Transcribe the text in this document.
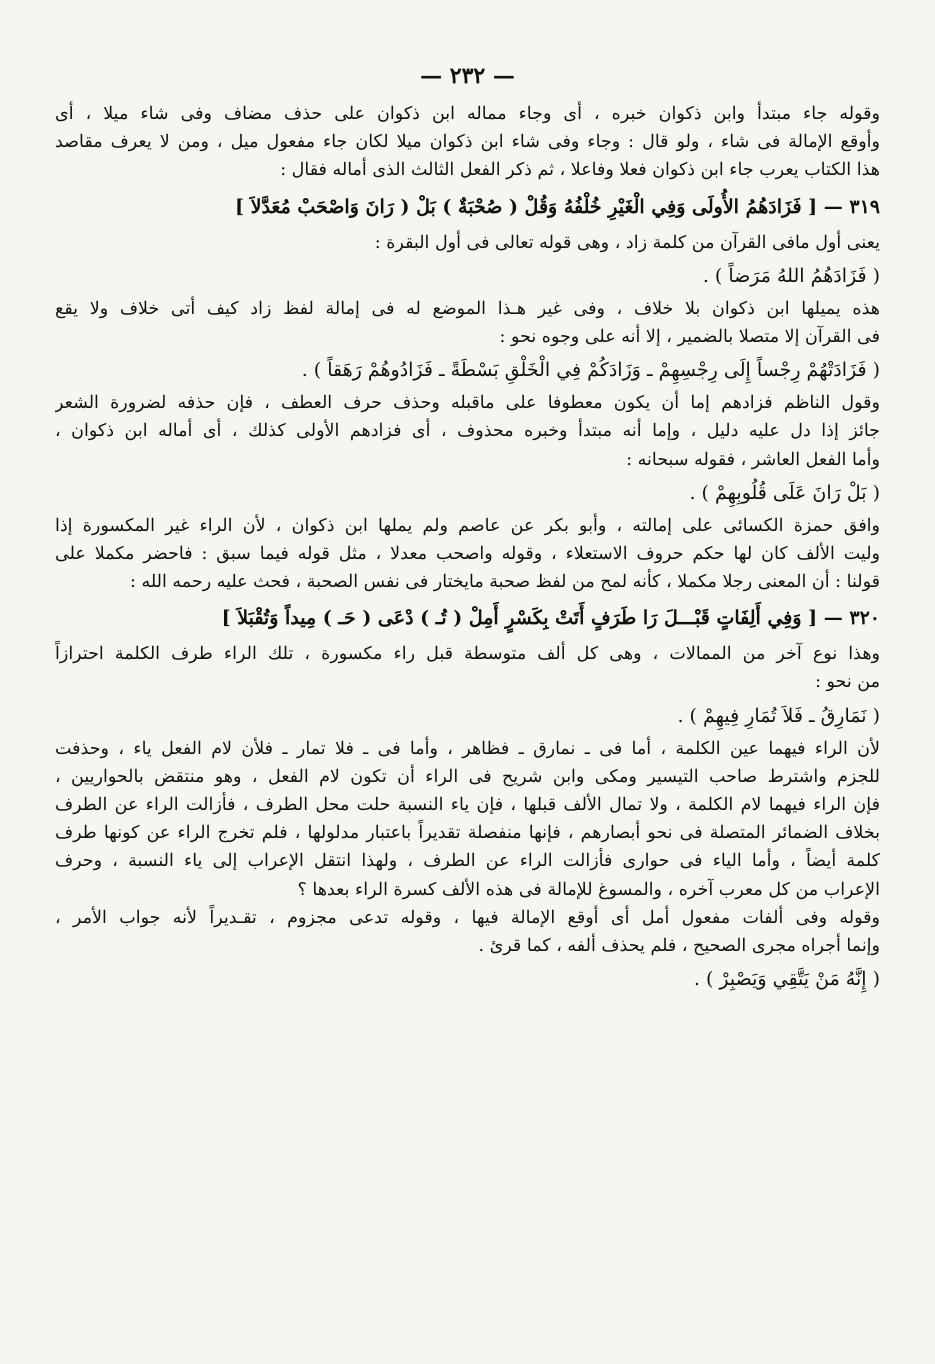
— ٢٣٢ —
وقوله جاء مبتدأ وابن ذكوان خبره ، أى وجاء مماله ابن ذكوان على حذف مضاف وفى شاء ميلا ، أى
وأوقع الإمالة فى شاء ، ولو قال : وجاء وفى شاء ابن ذكوان ميلا لكان جاء مفعول ميل ، ومن لا يعرف مقاصد
هذا الكتاب يعرب جاء ابن ذكوان فعلا وفاعلا ، ثم ذكر الفعل الثالث الذى أماله فقال :
٣١٩ — [ فَزَادَهُمُ الأُولَى وَفِي الْغَيْرِ خُلْفُهُ وَقُلْ ( صُحْبَةٌ ) بَلْ ( رَانَ وَاصْحَبْ مُعَدَّلاَ ]
يعنى أول مافى القرآن من كلمة زاد ، وهى قوله تعالى فى أول البقرة :
( فَزَادَهُمُ اللهُ مَرَضاً ) .
هذه يميلها ابن ذكوان بلا خلاف ، وفى غير هـذا الموضع له فى إمالة لفظ زاد كيف أتى خلاف ولا يقع
فى القرآن إلا متصلا بالضمير ، إلا أنه على وجوه نحو :
( فَزَادَتْهُمْ رِجْساً إِلَى رِجْسِهِمْ ـ وَزَادَكُمْ فِي الْخَلْقِ بَسْطَةً ـ فَزَادُوهُمْ رَهَقاً ) .
وقول الناظم فزادهم إما أن يكون معطوفا على ماقبله وحذف حرف العطف ، فإن حذفه لضرورة الشعر
جائز إذا دل عليه دليل ، وإما أنه مبتدأ وخبره محذوف ، أى فزادهم الأولى كذلك ، أى أماله ابن ذكوان ،
وأما الفعل العاشر ، فقوله سبحانه :
( بَلْ رَانَ عَلَى قُلُوبِهِمْ ) .
وافق حمزة الكسائى على إمالته ، وأبو بكر عن عاصم ولم يملها ابن ذكوان ، لأن الراء غير المكسورة إذا
وليت الألف كان لها حكم حروف الاستعلاء ، وقوله واصحب معدلا ، مثل قوله فيما سبق : فاحضر مكملا على
قولنا : أن المعنى رجلا مكملا ، كأنه لمح من لفظ صحبة مايختار فى نفس الصحبة ، فحث عليه رحمه الله :
٣٢٠ — [ وَفِي أَلِفَاتٍ قَبْـــلَ رَا طَرَفٍ أَتَتْ بِكَسْرٍ أَمِلْ ( تُـ ) دْعَى ( حَـ ) مِيداً وَتُقْبَلاَ ]
وهذا نوع آخر من الممالات ، وهى كل ألف متوسطة قبل راء مكسورة ، تلك الراء طرف الكلمة احترازاً
من نحو :
( نَمَارِقُ ـ فَلاَ تُمَارِ فِيهِمْ ) .
لأن الراء فيهما عين الكلمة ، أما فى ـ نمارق ـ فظاهر ، وأما فى ـ فلا تمار ـ فلأن لام الفعل ياء ، وحذفت
للجزم واشترط صاحب التيسير ومكى وابن شريح فى الراء أن تكون لام الفعل ، وهو منتقض بالحواريين ،
فإن الراء فيهما لام الكلمة ، ولا تمال الألف قبلها ، فإن ياء النسبة حلت محل الطرف ، فأزالت الراء عن الطرف
بخلاف الضمائر المتصلة فى نحو أبصارهم ، فإنها منفصلة تقديراً باعتبار مدلولها ، فلم تخرج الراء عن كونها طرف
كلمة أيضاً ، وأما الياء فى حوارى فأزالت الراء عن الطرف ، ولهذا انتقل الإعراب إلى ياء النسبة ، وحرف
الإعراب من كل معرب آخره ، والمسوغ للإمالة فى هذه الألف كسرة الراء بعدها ؟
وقوله وفى ألفات مفعول أمل أى أوقع الإمالة فيها ، وقوله تدعى مجزوم ، تقـديراً لأنه جواب الأمر ،
وإنما أجراه مجرى الصحيح ، فلم يحذف ألفه ، كما قرئ .
( إِنَّهُ مَنْ يَتَّقِي وَيَصْبِرْ ) .
